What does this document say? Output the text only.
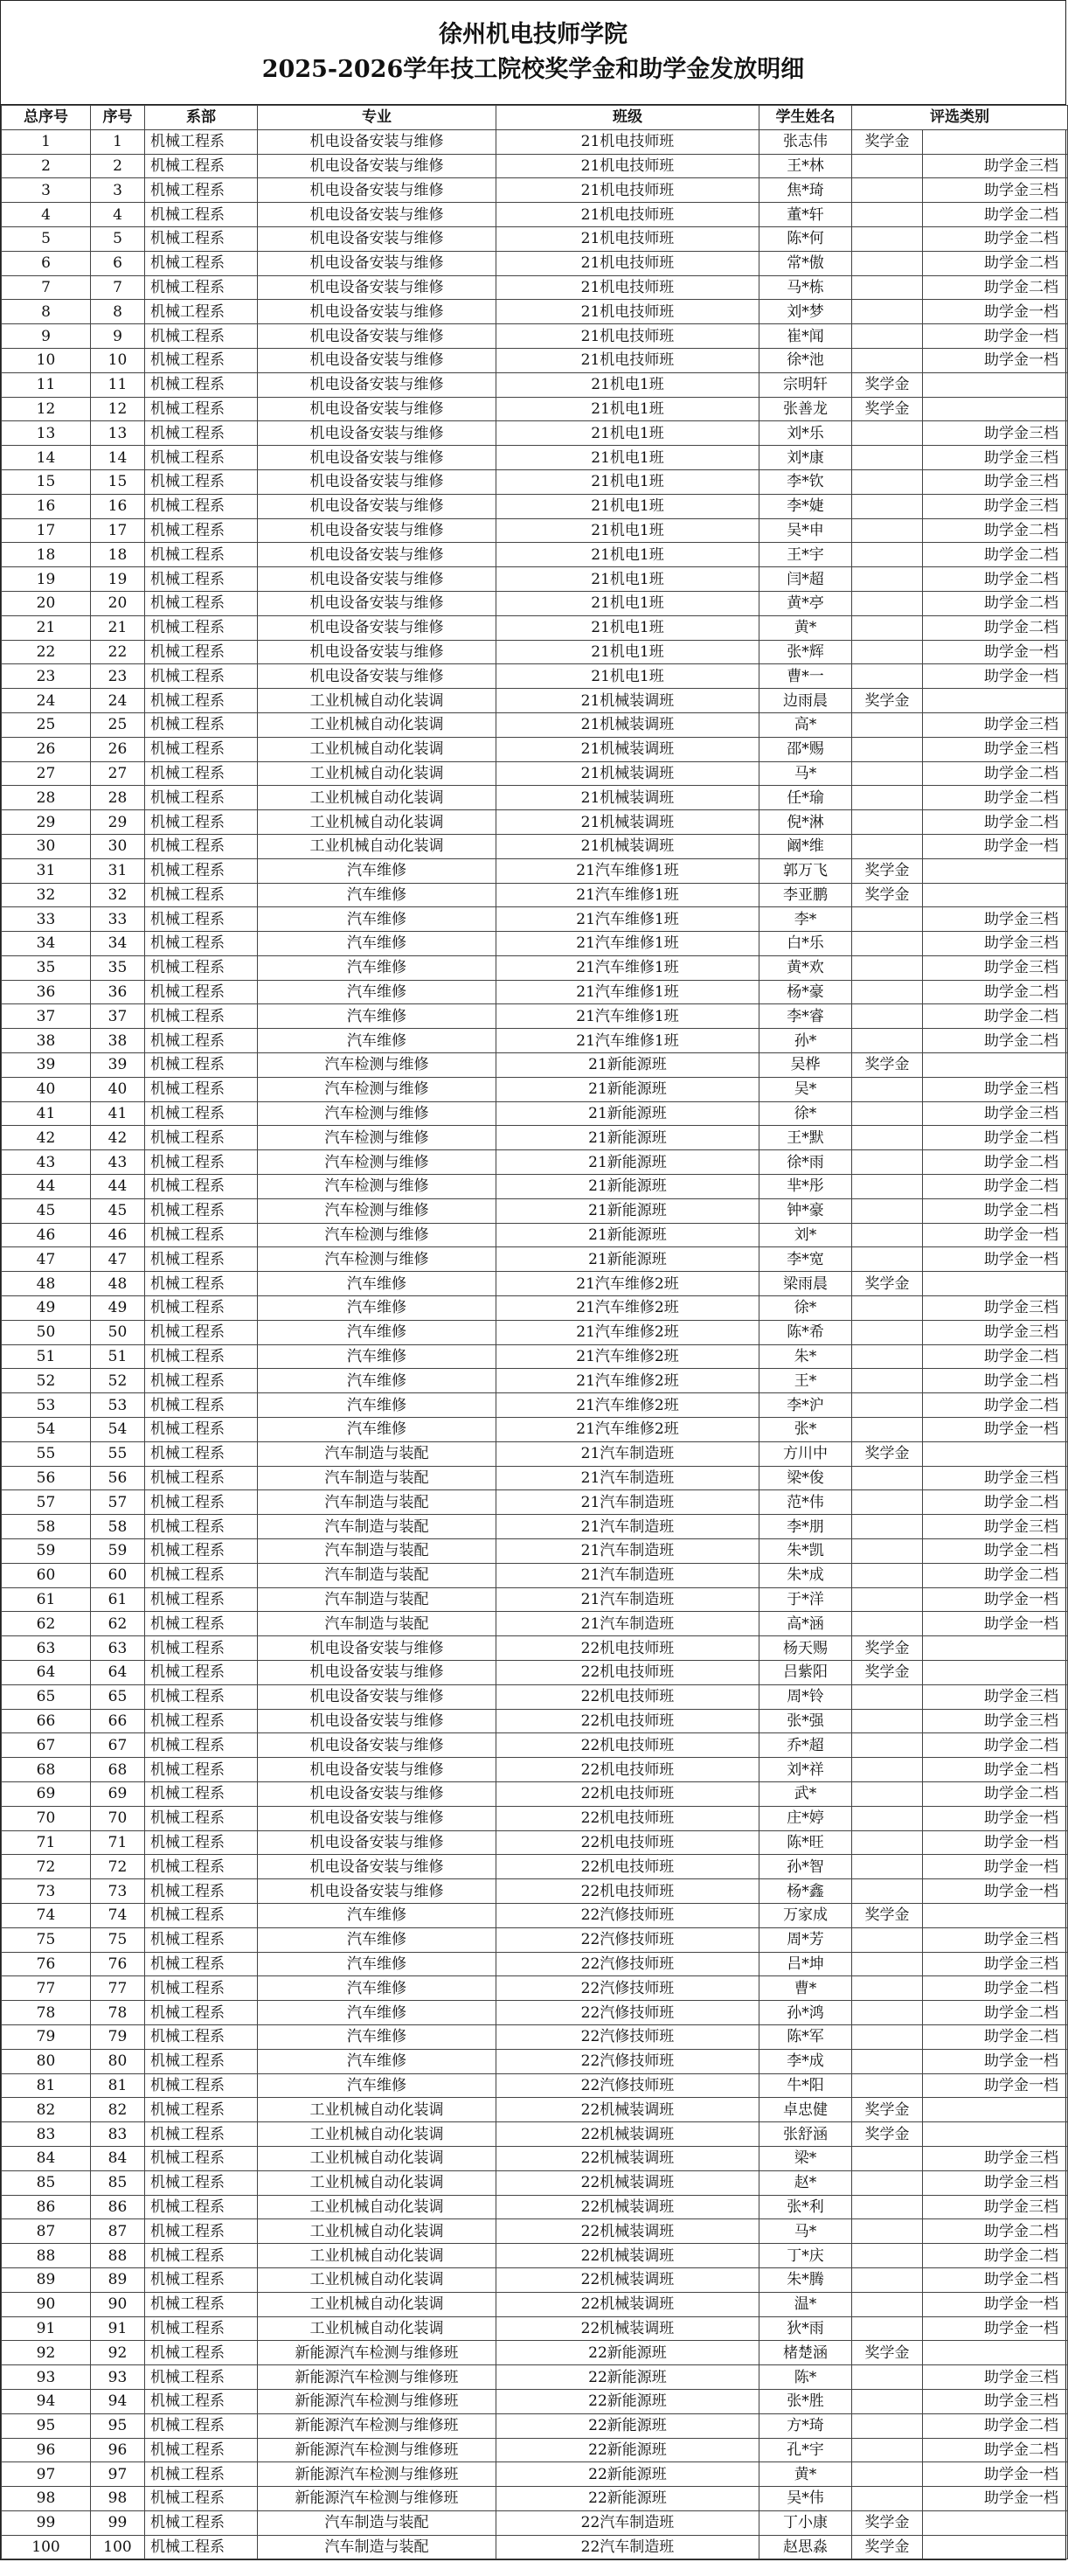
徐州机电技师学院
2025-2026学年技工院校奖学金和助学金发放明细
总序号	序号	系部	专业	班级	学生姓名	评选类别	
1	1	机械工程系	机电设备安装与维修	21机电技师班	张志伟	奖学金	
2	2	机械工程系	机电设备安装与维修	21机电技师班	王*林		助学金三档
3	3	机械工程系	机电设备安装与维修	21机电技师班	焦*琦		助学金三档
4	4	机械工程系	机电设备安装与维修	21机电技师班	董*轩		助学金二档
5	5	机械工程系	机电设备安装与维修	21机电技师班	陈*何		助学金二档
6	6	机械工程系	机电设备安装与维修	21机电技师班	常*傲		助学金二档
7	7	机械工程系	机电设备安装与维修	21机电技师班	马*栋		助学金二档
8	8	机械工程系	机电设备安装与维修	21机电技师班	刘*梦		助学金一档
9	9	机械工程系	机电设备安装与维修	21机电技师班	崔*闻		助学金一档
10	10	机械工程系	机电设备安装与维修	21机电技师班	徐*池		助学金一档
11	11	机械工程系	机电设备安装与维修	21机电1班	宗明轩	奖学金	
12	12	机械工程系	机电设备安装与维修	21机电1班	张善龙	奖学金	
13	13	机械工程系	机电设备安装与维修	21机电1班	刘*乐		助学金三档
14	14	机械工程系	机电设备安装与维修	21机电1班	刘*康		助学金三档
15	15	机械工程系	机电设备安装与维修	21机电1班	李*钦		助学金三档
16	16	机械工程系	机电设备安装与维修	21机电1班	李*婕		助学金三档
17	17	机械工程系	机电设备安装与维修	21机电1班	吴*申		助学金二档
18	18	机械工程系	机电设备安装与维修	21机电1班	王*宇		助学金二档
19	19	机械工程系	机电设备安装与维修	21机电1班	闫*超		助学金二档
20	20	机械工程系	机电设备安装与维修	21机电1班	黄*亭		助学金二档
21	21	机械工程系	机电设备安装与维修	21机电1班	黄*		助学金二档
22	22	机械工程系	机电设备安装与维修	21机电1班	张*辉		助学金一档
23	23	机械工程系	机电设备安装与维修	21机电1班	曹*一		助学金一档
24	24	机械工程系	工业机械自动化装调	21机械装调班	边雨晨	奖学金	
25	25	机械工程系	工业机械自动化装调	21机械装调班	高*		助学金三档
26	26	机械工程系	工业机械自动化装调	21机械装调班	邵*赐		助学金三档
27	27	机械工程系	工业机械自动化装调	21机械装调班	马*		助学金二档
28	28	机械工程系	工业机械自动化装调	21机械装调班	任*瑜		助学金二档
29	29	机械工程系	工业机械自动化装调	21机械装调班	倪*淋		助学金二档
30	30	机械工程系	工业机械自动化装调	21机械装调班	阚*维		助学金一档
31	31	机械工程系	汽车维修	21汽车维修1班	郭万飞	奖学金	
32	32	机械工程系	汽车维修	21汽车维修1班	李亚鹏	奖学金	
33	33	机械工程系	汽车维修	21汽车维修1班	李*		助学金三档
34	34	机械工程系	汽车维修	21汽车维修1班	白*乐		助学金三档
35	35	机械工程系	汽车维修	21汽车维修1班	黄*欢		助学金三档
36	36	机械工程系	汽车维修	21汽车维修1班	杨*豪		助学金二档
37	37	机械工程系	汽车维修	21汽车维修1班	李*睿		助学金二档
38	38	机械工程系	汽车维修	21汽车维修1班	孙*		助学金二档
39	39	机械工程系	汽车检测与维修	21新能源班	吴桦	奖学金	
40	40	机械工程系	汽车检测与维修	21新能源班	吴*		助学金三档
41	41	机械工程系	汽车检测与维修	21新能源班	徐*		助学金三档
42	42	机械工程系	汽车检测与维修	21新能源班	王*默		助学金二档
43	43	机械工程系	汽车检测与维修	21新能源班	徐*雨		助学金二档
44	44	机械工程系	汽车检测与维修	21新能源班	芈*彤		助学金二档
45	45	机械工程系	汽车检测与维修	21新能源班	钟*豪		助学金二档
46	46	机械工程系	汽车检测与维修	21新能源班	刘*		助学金一档
47	47	机械工程系	汽车检测与维修	21新能源班	李*宽		助学金一档
48	48	机械工程系	汽车维修	21汽车维修2班	梁雨晨	奖学金	
49	49	机械工程系	汽车维修	21汽车维修2班	徐*		助学金三档
50	50	机械工程系	汽车维修	21汽车维修2班	陈*希		助学金三档
51	51	机械工程系	汽车维修	21汽车维修2班	朱*		助学金二档
52	52	机械工程系	汽车维修	21汽车维修2班	王*		助学金二档
53	53	机械工程系	汽车维修	21汽车维修2班	李*沪		助学金二档
54	54	机械工程系	汽车维修	21汽车维修2班	张*		助学金一档
55	55	机械工程系	汽车制造与装配	21汽车制造班	方川中	奖学金	
56	56	机械工程系	汽车制造与装配	21汽车制造班	梁*俊		助学金三档
57	57	机械工程系	汽车制造与装配	21汽车制造班	范*伟		助学金二档
58	58	机械工程系	汽车制造与装配	21汽车制造班	李*朋		助学金三档
59	59	机械工程系	汽车制造与装配	21汽车制造班	朱*凯		助学金二档
60	60	机械工程系	汽车制造与装配	21汽车制造班	朱*成		助学金二档
61	61	机械工程系	汽车制造与装配	21汽车制造班	于*洋		助学金一档
62	62	机械工程系	汽车制造与装配	21汽车制造班	高*涵		助学金一档
63	63	机械工程系	机电设备安装与维修	22机电技师班	杨天赐	奖学金	
64	64	机械工程系	机电设备安装与维修	22机电技师班	吕紫阳	奖学金	
65	65	机械工程系	机电设备安装与维修	22机电技师班	周*铃		助学金三档
66	66	机械工程系	机电设备安装与维修	22机电技师班	张*强		助学金三档
67	67	机械工程系	机电设备安装与维修	22机电技师班	乔*超		助学金二档
68	68	机械工程系	机电设备安装与维修	22机电技师班	刘*祥		助学金二档
69	69	机械工程系	机电设备安装与维修	22机电技师班	武*		助学金二档
70	70	机械工程系	机电设备安装与维修	22机电技师班	庄*婷		助学金一档
71	71	机械工程系	机电设备安装与维修	22机电技师班	陈*旺		助学金一档
72	72	机械工程系	机电设备安装与维修	22机电技师班	孙*智		助学金一档
73	73	机械工程系	机电设备安装与维修	22机电技师班	杨*鑫		助学金一档
74	74	机械工程系	汽车维修	22汽修技师班	万家成	奖学金	
75	75	机械工程系	汽车维修	22汽修技师班	周*芳		助学金三档
76	76	机械工程系	汽车维修	22汽修技师班	吕*坤		助学金三档
77	77	机械工程系	汽车维修	22汽修技师班	曹*		助学金二档
78	78	机械工程系	汽车维修	22汽修技师班	孙*鸿		助学金二档
79	79	机械工程系	汽车维修	22汽修技师班	陈*军		助学金二档
80	80	机械工程系	汽车维修	22汽修技师班	李*成		助学金一档
81	81	机械工程系	汽车维修	22汽修技师班	牛*阳		助学金一档
82	82	机械工程系	工业机械自动化装调	22机械装调班	卓忠健	奖学金	
83	83	机械工程系	工业机械自动化装调	22机械装调班	张舒涵	奖学金	
84	84	机械工程系	工业机械自动化装调	22机械装调班	梁*		助学金三档
85	85	机械工程系	工业机械自动化装调	22机械装调班	赵*		助学金三档
86	86	机械工程系	工业机械自动化装调	22机械装调班	张*利		助学金三档
87	87	机械工程系	工业机械自动化装调	22机械装调班	马*		助学金二档
88	88	机械工程系	工业机械自动化装调	22机械装调班	丁*庆		助学金二档
89	89	机械工程系	工业机械自动化装调	22机械装调班	朱*腾		助学金二档
90	90	机械工程系	工业机械自动化装调	22机械装调班	温*		助学金一档
91	91	机械工程系	工业机械自动化装调	22机械装调班	狄*雨		助学金一档
92	92	机械工程系	新能源汽车检测与维修班	22新能源班	楮楚涵	奖学金	
93	93	机械工程系	新能源汽车检测与维修班	22新能源班	陈*		助学金三档
94	94	机械工程系	新能源汽车检测与维修班	22新能源班	张*胜		助学金三档
95	95	机械工程系	新能源汽车检测与维修班	22新能源班	方*琦		助学金二档
96	96	机械工程系	新能源汽车检测与维修班	22新能源班	孔*宇		助学金二档
97	97	机械工程系	新能源汽车检测与维修班	22新能源班	黄*		助学金一档
98	98	机械工程系	新能源汽车检测与维修班	22新能源班	吴*伟		助学金一档
99	99	机械工程系	汽车制造与装配	22汽车制造班	丁小康	奖学金	
100	100	机械工程系	汽车制造与装配	22汽车制造班	赵思淼	奖学金	
